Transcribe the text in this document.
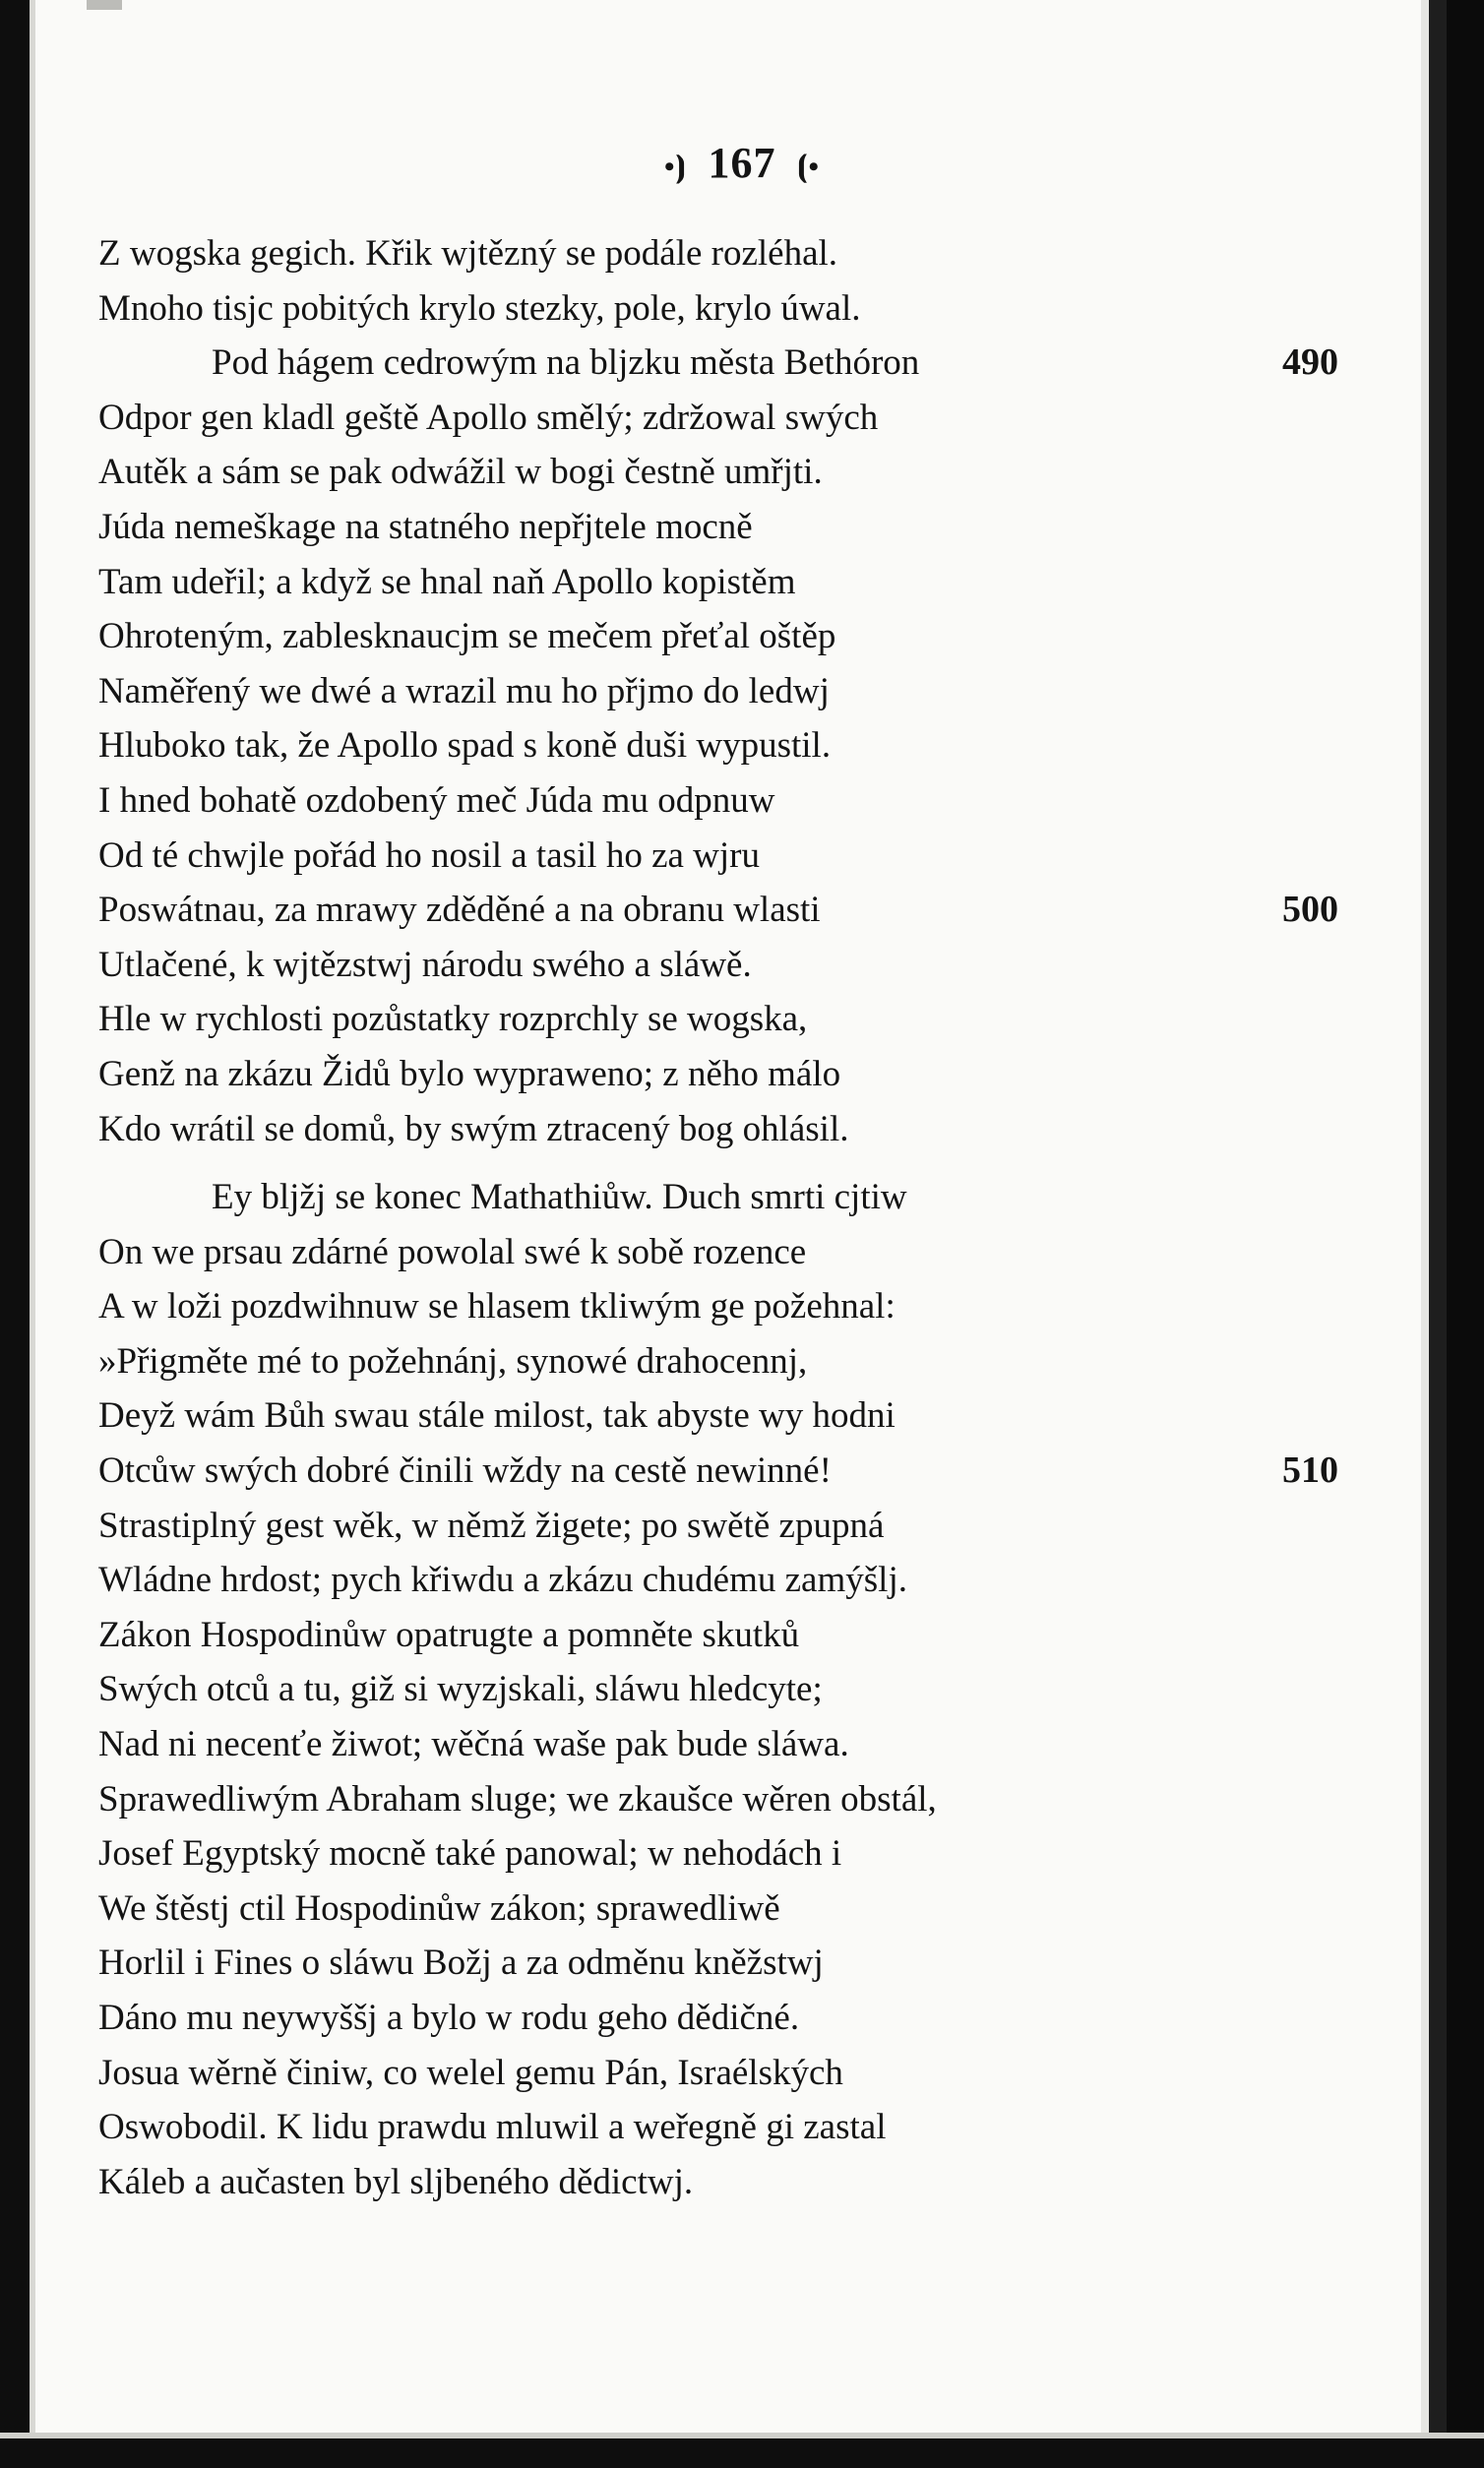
•⦘ 167 ⦗•
Z wogska gegich. Křik wjtězný se podále rozléhal.
Mnoho tisjc pobitých krylo stezky, pole, krylo úwal.
Pod hágem cedrowým na bljzku města Bethóron	490
Odpor gen kladl geště Apollo smělý; zdržowal swých
Autěk a sám se pak odwážil w bogi čestně umřjti.
Júda nemeškage na statného nepřjtele mocně
Tam udeřil; a když se hnal naň Apollo kopistěm
Ohroteným, zablesknaucjm se mečem přeťal oštěp
Naměřený we dwé a wrazil mu ho přjmo do ledwj
Hluboko tak, že Apollo spad s koně duši wypustil.
I hned bohatě ozdobený meč Júda mu odpnuw
Od té chwjle pořád ho nosil a tasil ho za wjru
Poswátnau, za mrawy zděděné a na obranu wlasti	500
Utlačené, k wjtězstwj národu swého a sláwě.
Hle w rychlosti pozůstatky rozprchly se wogska,
Genž na zkázu Židů bylo wypraweno; z něho málo
Kdo wrátil se domů, by swým ztracený bog ohlásil.
Ey bljžj se konec Mathathiůw. Duch smrti cjtiw
On we prsau zdárné powolal swé k sobě rozence
A w loži pozdwihnuw se hlasem tkliwým ge požehnal:
»Přigměte mé to požehnánj, synowé drahocennj,
Deyž wám Bůh swau stále milost, tak abyste wy hodni
Otcůw swých dobré činili wždy na cestě newinné!	510
Strastiplný gest wěk, w němž žigete; po swětě zpupná
Wládne hrdost; pych křiwdu a zkázu chudému zamýšlj.
Zákon Hospodinůw opatrugte a pomněte skutků
Swých otců a tu, giž si wyzjskali, sláwu hledcyte;
Nad ni necenťe žiwot; wěčná waše pak bude sláwa.
Sprawedliwým Abraham sluge; we zkaušce wěren obstál,
Josef Egyptský mocně také panowal; w nehodách i
We štěstj ctil Hospodinůw zákon; sprawedliwě
Horlil i Fines o sláwu Božj a za odměnu kněžstwj
Dáno mu neywyššj a bylo w rodu geho dědičné.
Josua wěrně činiw, co welel gemu Pán, Israélských
Oswobodil. K lidu prawdu mluwil a weřegně gi zastal
Káleb a aučasten byl sljbeného dědictwj.
